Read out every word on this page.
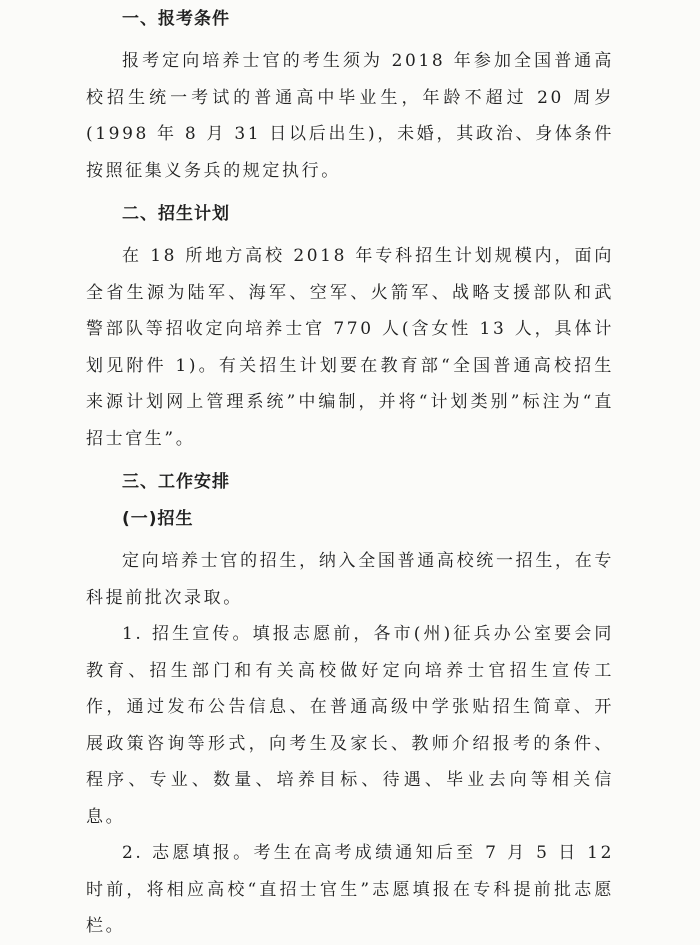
一、报考条件

报考定向培养士官的考生须为 2018 年参加全国普通高校招生统一考试的普通高中毕业生，年龄不超过 20 周岁(1998 年 8 月 31 日以后出生)，未婚，其政治、身体条件按照征集义务兵的规定执行。

二、招生计划

在 18 所地方高校 2018 年专科招生计划规模内，面向全省生源为陆军、海军、空军、火箭军、战略支援部队和武警部队等招收定向培养士官 770 人(含女性 13 人，具体计划见附件 1)。有关招生计划要在教育部“全国普通高校招生来源计划网上管理系统”中编制，并将“计划类别”标注为“直招士官生”。

三、工作安排
(一)招生

定向培养士官的招生，纳入全国普通高校统一招生，在专科提前批次录取。

1. 招生宣传。填报志愿前，各市(州)征兵办公室要会同教育、招生部门和有关高校做好定向培养士官招生宣传工作，通过发布公告信息、在普通高级中学张贴招生简章、开展政策咨询等形式，向考生及家长、教师介绍报考的条件、程序、专业、数量、培养目标、待遇、毕业去向等相关信息。

2. 志愿填报。考生在高考成绩通知后至 7 月 5 日 12 时前，将相应高校“直招士官生”志愿填报在专科提前批志愿栏。
